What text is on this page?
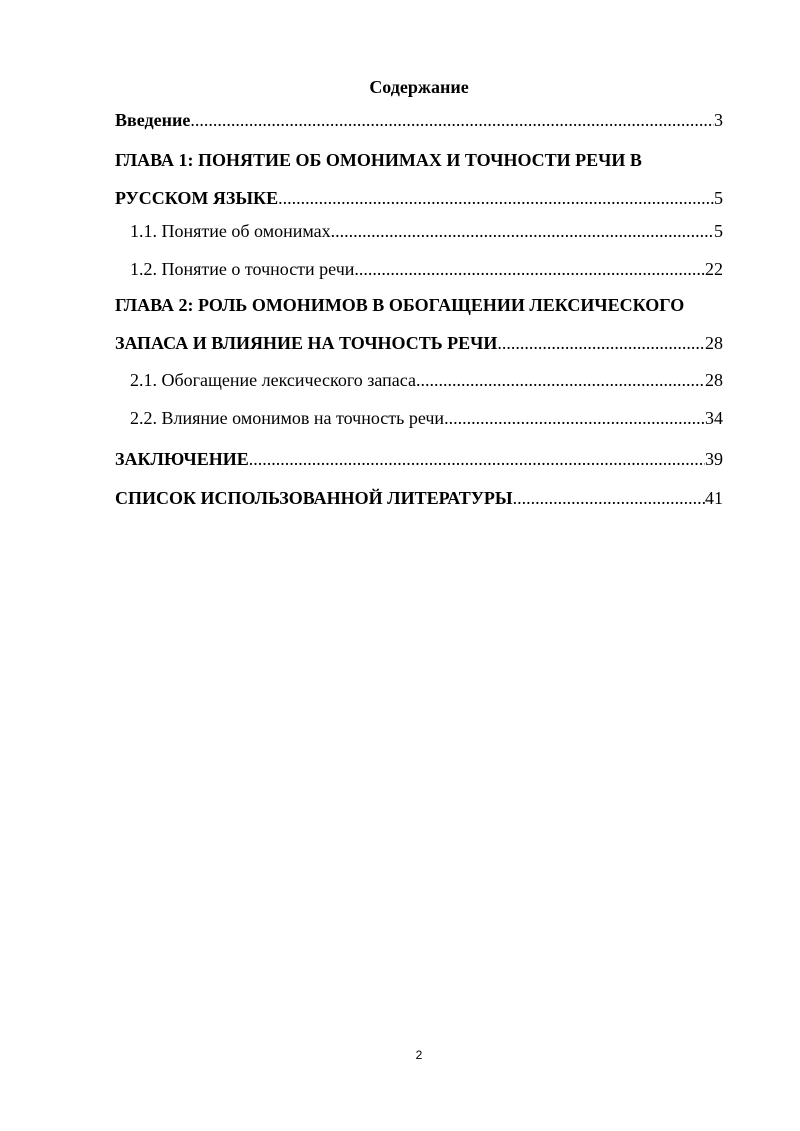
Содержание
Введение .....	3
ГЛАВА 1: ПОНЯТИЕ ОБ ОМОНИМАХ И ТОЧНОСТИ РЕЧИ В
РУССКОМ ЯЗЫКЕ .....	5
1.1. Понятие об омонимах .....	5
1.2. Понятие о точности речи .....	22
ГЛАВА 2: РОЛЬ ОМОНИМОВ В ОБОГАЩЕНИИ ЛЕКСИЧЕСКОГО
ЗАПАСА И ВЛИЯНИЕ НА ТОЧНОСТЬ РЕЧИ .....	28
2.1. Обогащение лексического запаса .....	28
2.2. Влияние омонимов на точность речи .....	34
ЗАКЛЮЧЕНИЕ .....	39
СПИСОК ИСПОЛЬЗОВАННОЙ ЛИТЕРАТУРЫ .....	41
2
